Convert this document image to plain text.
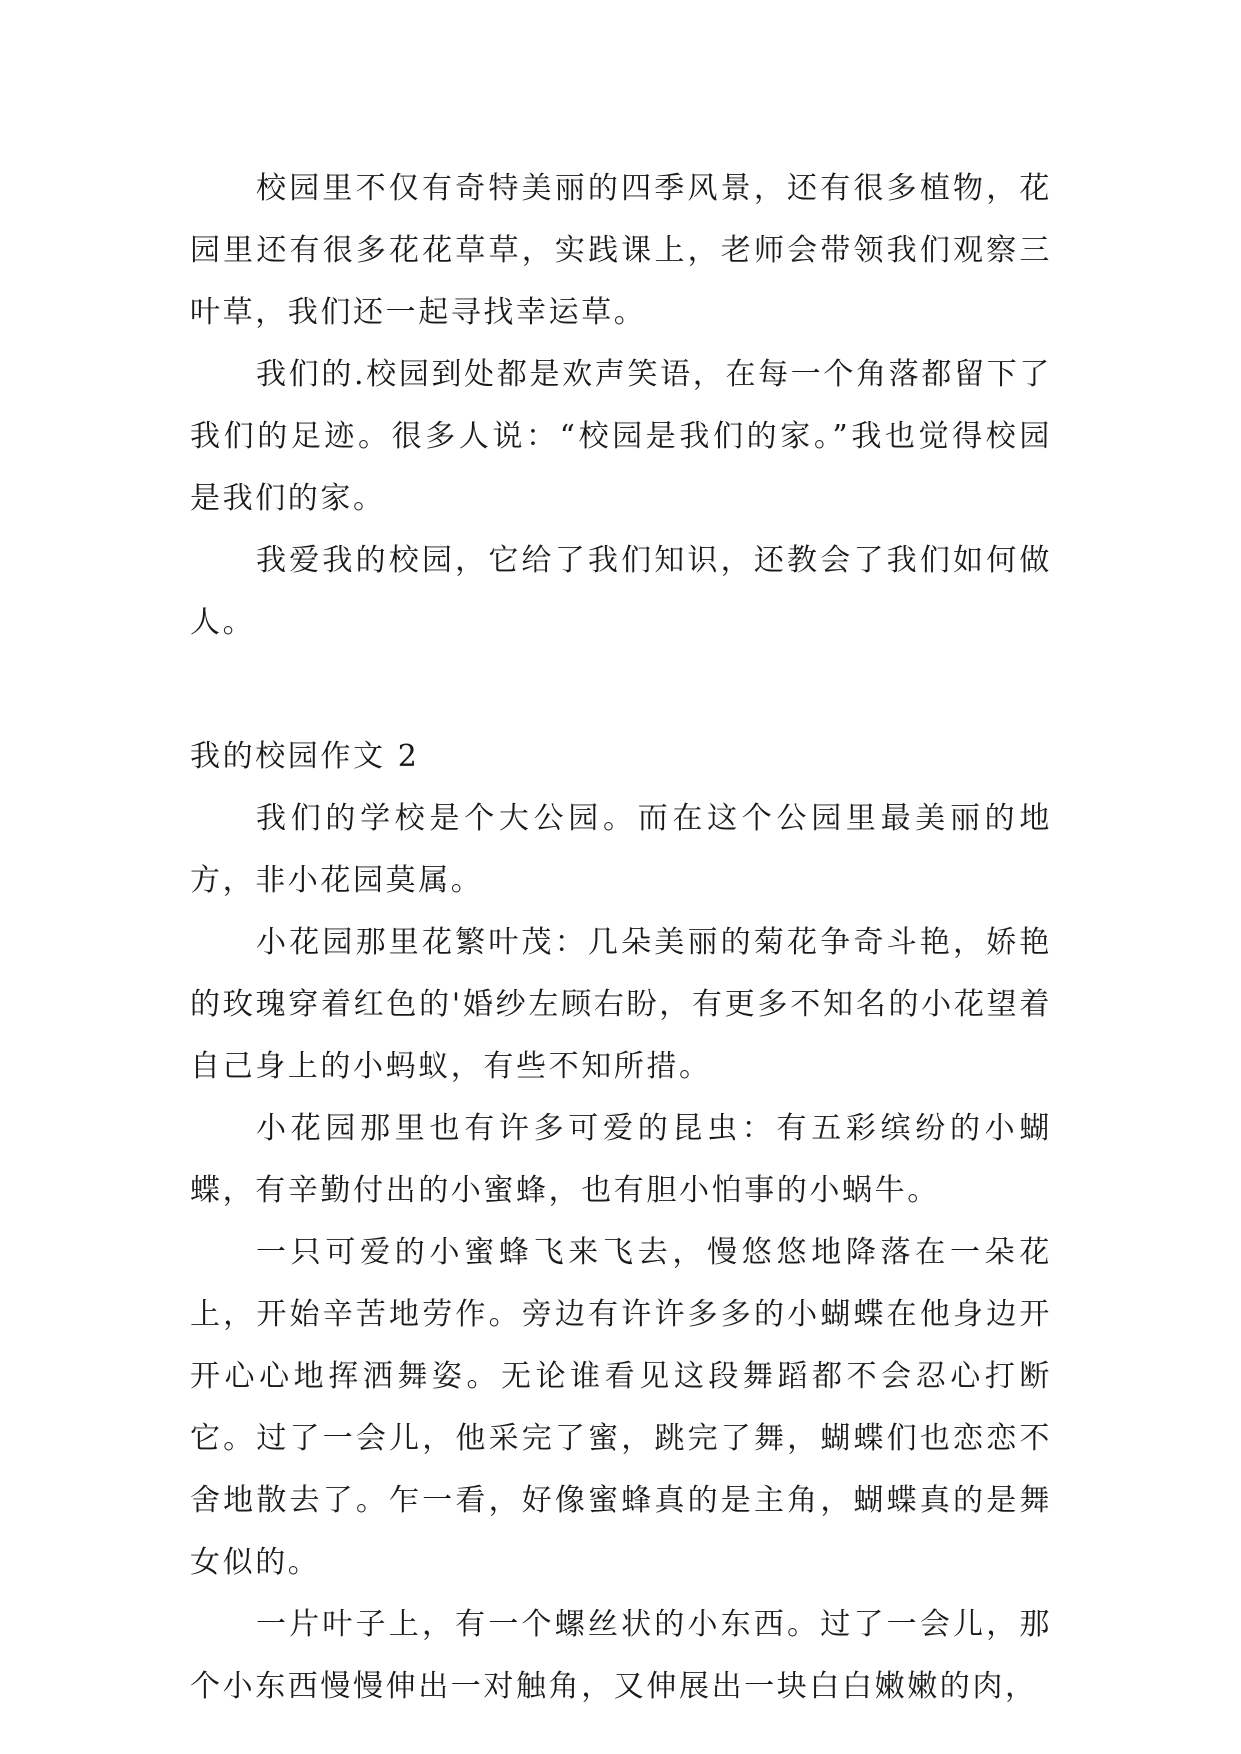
校园里不仅有奇特美丽的四季风景，还有很多植物，花园里还有很多花花草草，实践课上，老师会带领我们观察三叶草，我们还一起寻找幸运草。

我们的.校园到处都是欢声笑语，在每一个角落都留下了我们的足迹。很多人说：“校园是我们的家。”我也觉得校园是我们的家。

我爱我的校园，它给了我们知识，还教会了我们如何做人。

我的校园作文 2

我们的学校是个大公园。而在这个公园里最美丽的地方，非小花园莫属。

小花园那里花繁叶茂：几朵美丽的菊花争奇斗艳，娇艳的玫瑰穿着红色的'婚纱左顾右盼，有更多不知名的小花望着自己身上的小蚂蚁，有些不知所措。

小花园那里也有许多可爱的昆虫：有五彩缤纷的小蝴蝶，有辛勤付出的小蜜蜂，也有胆小怕事的小蜗牛。

一只可爱的小蜜蜂飞来飞去，慢悠悠地降落在一朵花上，开始辛苦地劳作。旁边有许许多多的小蝴蝶在他身边开开心心地挥洒舞姿。无论谁看见这段舞蹈都不会忍心打断它。过了一会儿，他采完了蜜，跳完了舞，蝴蝶们也恋恋不舍地散去了。乍一看，好像蜜蜂真的是主角，蝴蝶真的是舞女似的。

一片叶子上，有一个螺丝状的小东西。过了一会儿，那个小东西慢慢伸出一对触角，又伸展出一块白白嫩嫩的肉，
